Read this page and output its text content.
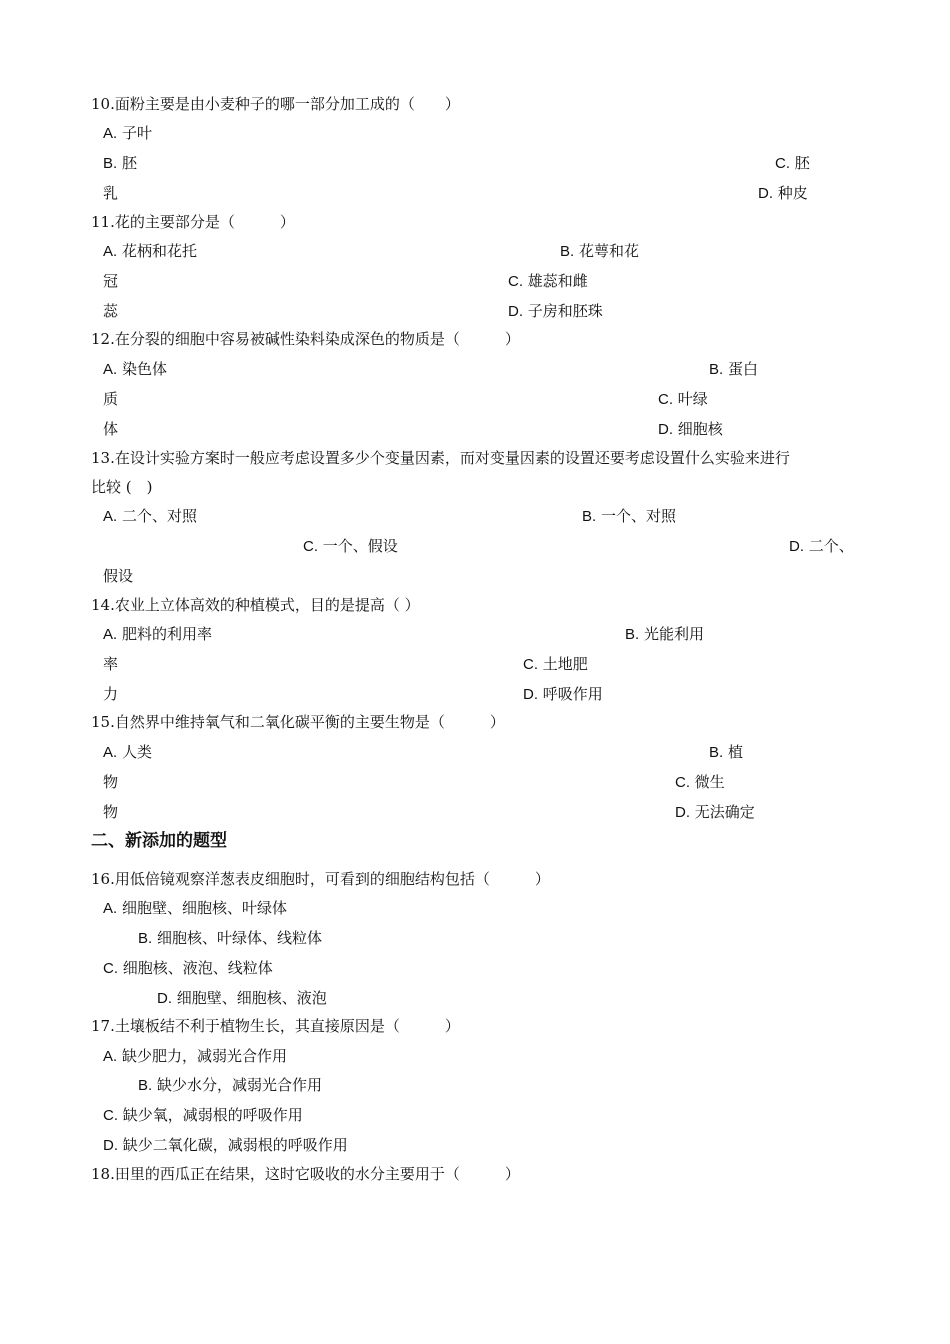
10.面粉主要是由小麦种子的哪一部分加工成的（　　）
A. 子叶
B. 胚	C. 胚
乳	D. 种皮
11.花的主要部分是（　　　）
A. 花柄和花托	B. 花萼和花
冠	C. 雄蕊和雌
蕊	D. 子房和胚珠
12.在分裂的细胞中容易被碱性染料染成深色的物质是（　　　）
A. 染色体	B. 蛋白
质	C. 叶绿
体	D. 细胞核
13.在设计实验方案时一般应考虑设置多少个变量因素，而对变量因素的设置还要考虑设置什么实验来进行
比较 (　)
A. 二个、对照	B. 一个、对照
C. 一个、假设	D. 二个、
假设
14.农业上立体高效的种植模式，目的是提高（ ）
A. 肥料的利用率	B. 光能利用
率	C. 土地肥
力	D. 呼吸作用
15.自然界中维持氧气和二氧化碳平衡的主要生物是（　　　）
A. 人类	B. 植
物	C. 微生
物	D. 无法确定
二、新添加的题型
16.用低倍镜观察洋葱表皮细胞时，可看到的细胞结构包括（　　　）
A. 细胞壁、细胞核、叶绿体
B. 细胞核、叶绿体、线粒体
C. 细胞核、液泡、线粒体
D. 细胞壁、细胞核、液泡
17.土壤板结不利于植物生长，其直接原因是（　　　）
A. 缺少肥力，减弱光合作用
B. 缺少水分，减弱光合作用
C. 缺少氧，减弱根的呼吸作用
D. 缺少二氧化碳，减弱根的呼吸作用
18.田里的西瓜正在结果，这时它吸收的水分主要用于（　　　）
